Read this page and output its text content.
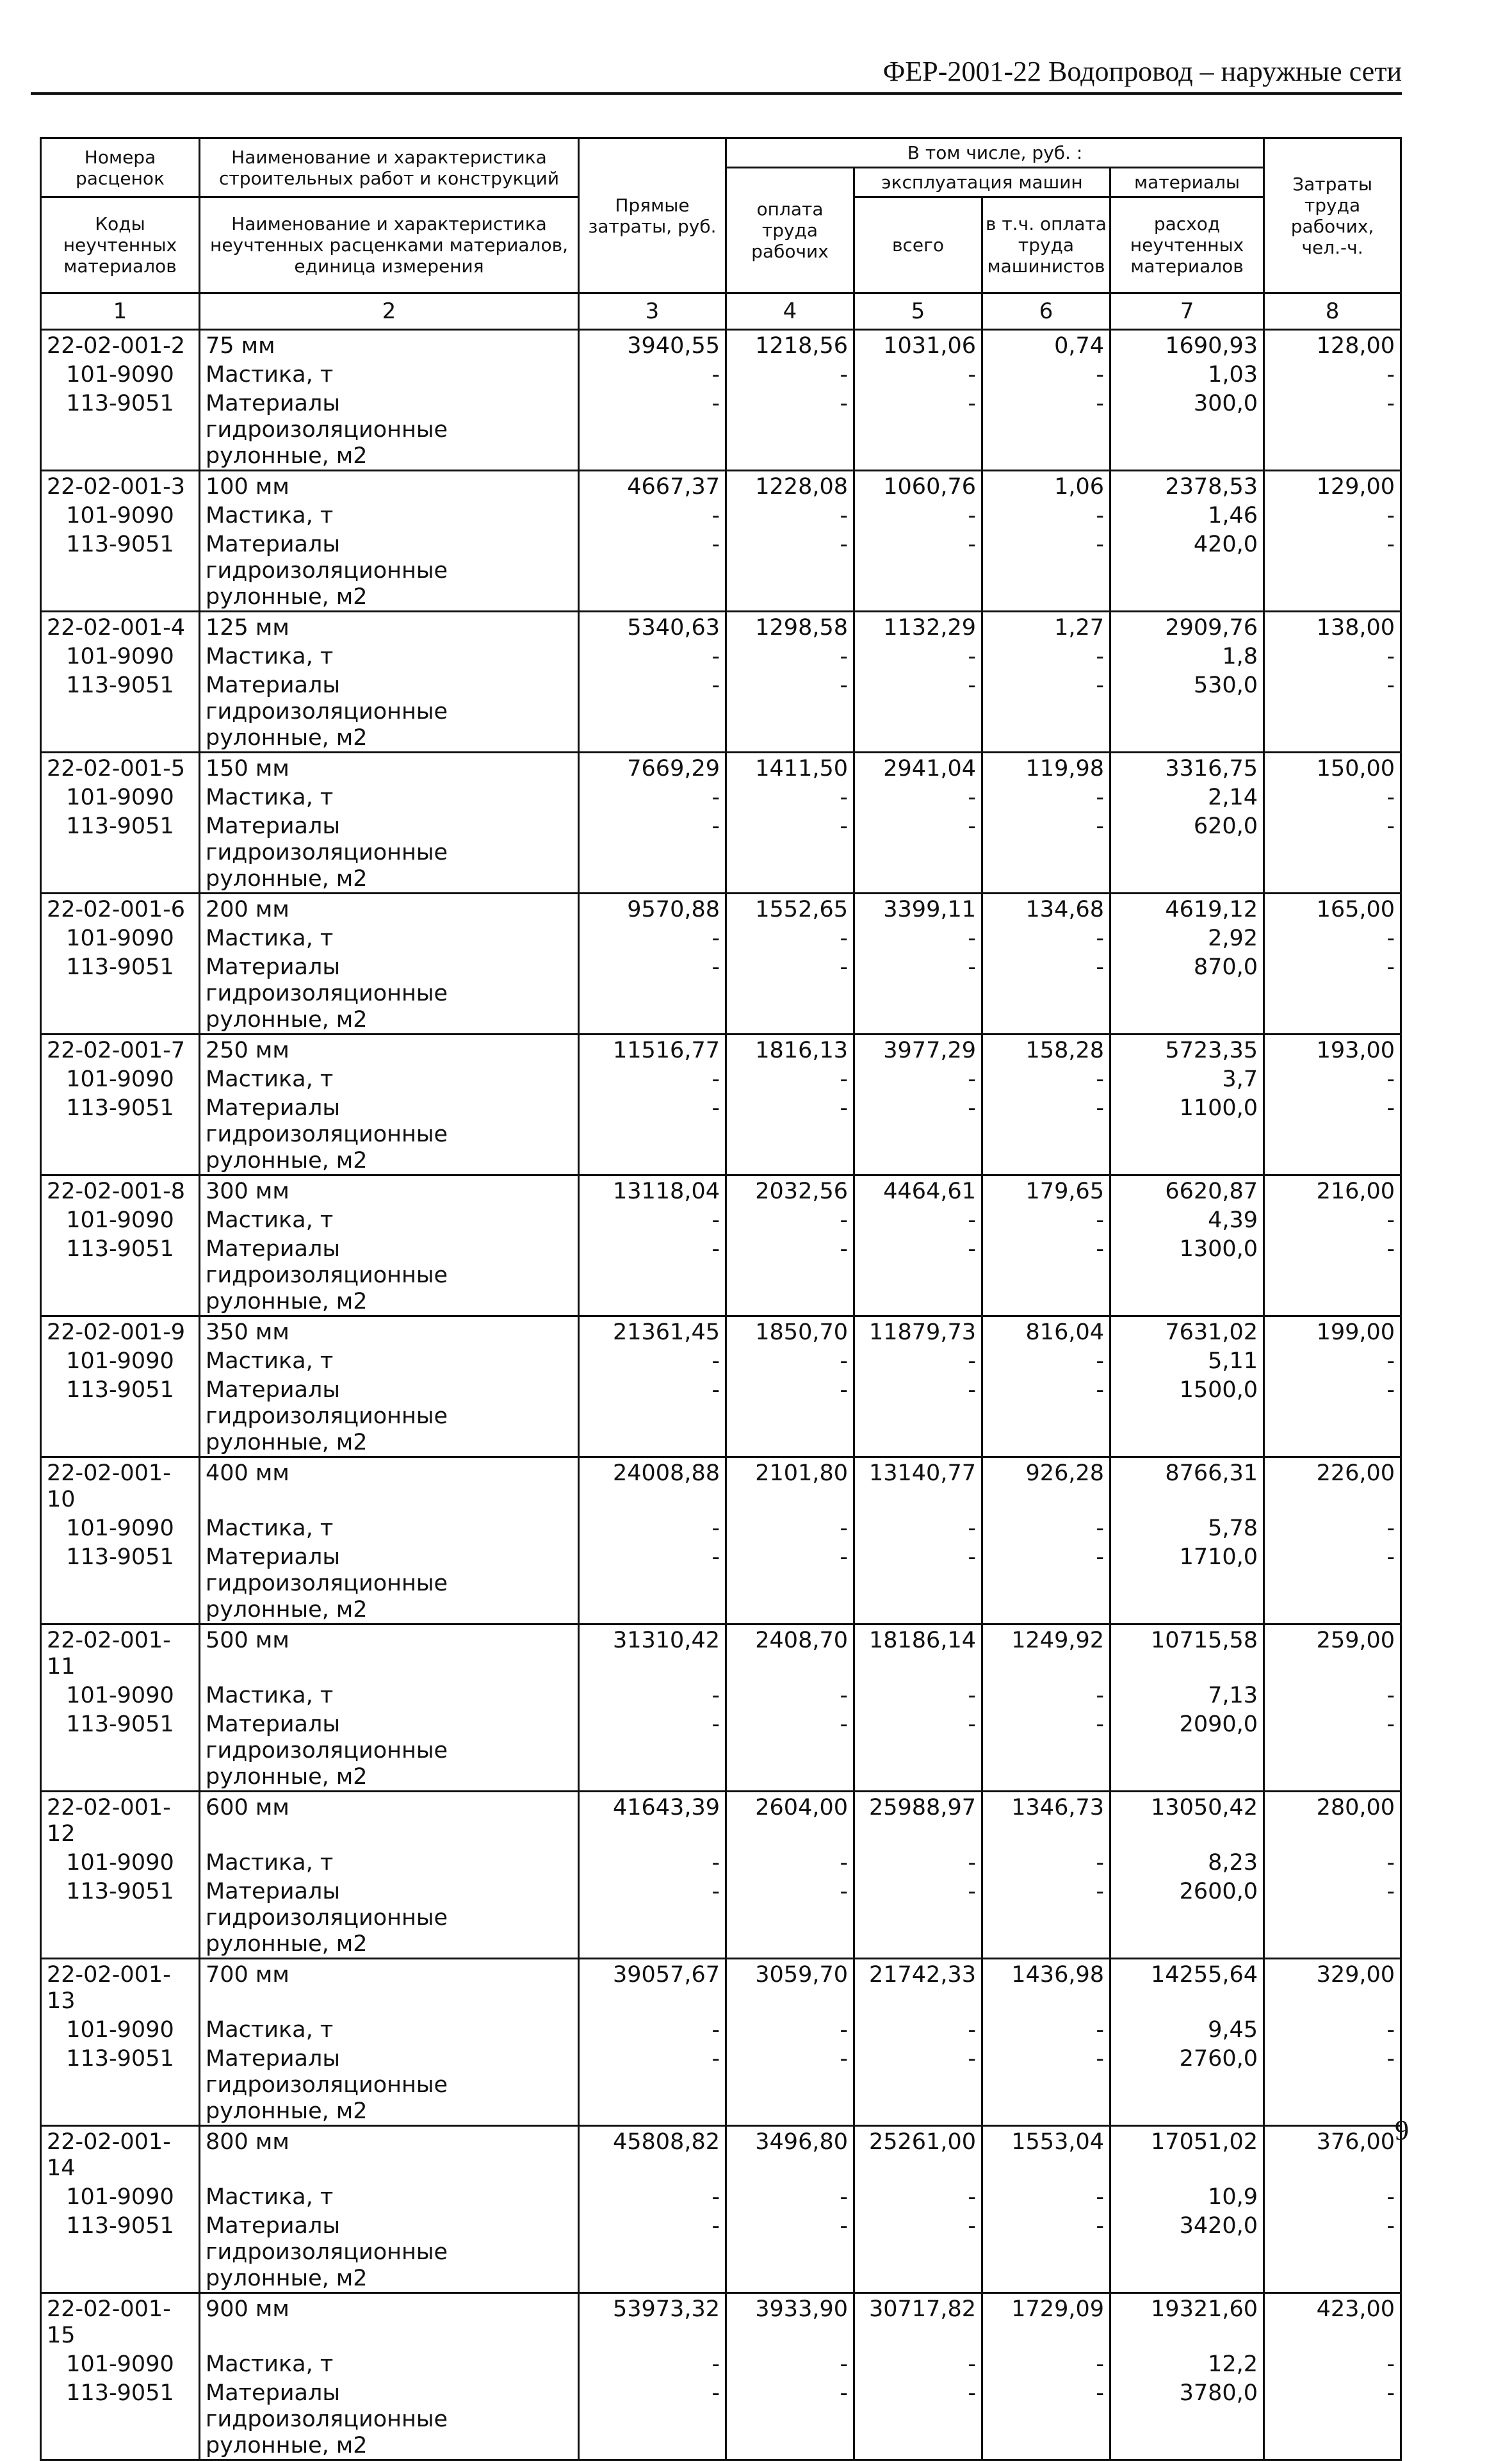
ФЕР-2001-22 Водопровод – наружные сети
Номера расценок	Наименование и характеристика строительных работ и конструкций	Прямые затраты, руб.	В том числе, руб. :				Затраты труда рабочих, чел.-ч.
			оплата труда рабочих	эксплуатация машин		материалы	
Коды неучтенных материалов	Наименование и характеристика неучтенных расценками материалов, единица измерения			всего	в т.ч. оплата труда машинистов	расход неучтенных материалов	
1	2	3	4	5	6	7	8
22-02-001-2	75 мм	3940,55	1218,56	1031,06	0,74	1690,93	128,00
101-9090	Мастика, т	-	-	-	-	1,03	-
113-9051	Материалы гидроизоляционные рулонные, м2	-	-	-	-	300,0	-
22-02-001-3	100 мм	4667,37	1228,08	1060,76	1,06	2378,53	129,00
101-9090	Мастика, т	-	-	-	-	1,46	-
113-9051	Материалы гидроизоляционные рулонные, м2	-	-	-	-	420,0	-
22-02-001-4	125 мм	5340,63	1298,58	1132,29	1,27	2909,76	138,00
101-9090	Мастика, т	-	-	-	-	1,8	-
113-9051	Материалы гидроизоляционные рулонные, м2	-	-	-	-	530,0	-
22-02-001-5	150 мм	7669,29	1411,50	2941,04	119,98	3316,75	150,00
101-9090	Мастика, т	-	-	-	-	2,14	-
113-9051	Материалы гидроизоляционные рулонные, м2	-	-	-	-	620,0	-
22-02-001-6	200 мм	9570,88	1552,65	3399,11	134,68	4619,12	165,00
101-9090	Мастика, т	-	-	-	-	2,92	-
113-9051	Материалы гидроизоляционные рулонные, м2	-	-	-	-	870,0	-
22-02-001-7	250 мм	11516,77	1816,13	3977,29	158,28	5723,35	193,00
101-9090	Мастика, т	-	-	-	-	3,7	-
113-9051	Материалы гидроизоляционные рулонные, м2	-	-	-	-	1100,0	-
22-02-001-8	300 мм	13118,04	2032,56	4464,61	179,65	6620,87	216,00
101-9090	Мастика, т	-	-	-	-	4,39	-
113-9051	Материалы гидроизоляционные рулонные, м2	-	-	-	-	1300,0	-
22-02-001-9	350 мм	21361,45	1850,70	11879,73	816,04	7631,02	199,00
101-9090	Мастика, т	-	-	-	-	5,11	-
113-9051	Материалы гидроизоляционные рулонные, м2	-	-	-	-	1500,0	-
22-02-001-10	400 мм	24008,88	2101,80	13140,77	926,28	8766,31	226,00
101-9090	Мастика, т	-	-	-	-	5,78	-
113-9051	Материалы гидроизоляционные рулонные, м2	-	-	-	-	1710,0	-
22-02-001-11	500 мм	31310,42	2408,70	18186,14	1249,92	10715,58	259,00
101-9090	Мастика, т	-	-	-	-	7,13	-
113-9051	Материалы гидроизоляционные рулонные, м2	-	-	-	-	2090,0	-
22-02-001-12	600 мм	41643,39	2604,00	25988,97	1346,73	13050,42	280,00
101-9090	Мастика, т	-	-	-	-	8,23	-
113-9051	Материалы гидроизоляционные рулонные, м2	-	-	-	-	2600,0	-
22-02-001-13	700 мм	39057,67	3059,70	21742,33	1436,98	14255,64	329,00
101-9090	Мастика, т	-	-	-	-	9,45	-
113-9051	Материалы гидроизоляционные рулонные, м2	-	-	-	-	2760,0	-
22-02-001-14	800 мм	45808,82	3496,80	25261,00	1553,04	17051,02	376,00
101-9090	Мастика, т	-	-	-	-	10,9	-
113-9051	Материалы гидроизоляционные рулонные, м2	-	-	-	-	3420,0	-
22-02-001-15	900 мм	53973,32	3933,90	30717,82	1729,09	19321,60	423,00
101-9090	Мастика, т	-	-	-	-	12,2	-
113-9051	Материалы гидроизоляционные рулонные, м2	-	-	-	-	3780,0	-
9
